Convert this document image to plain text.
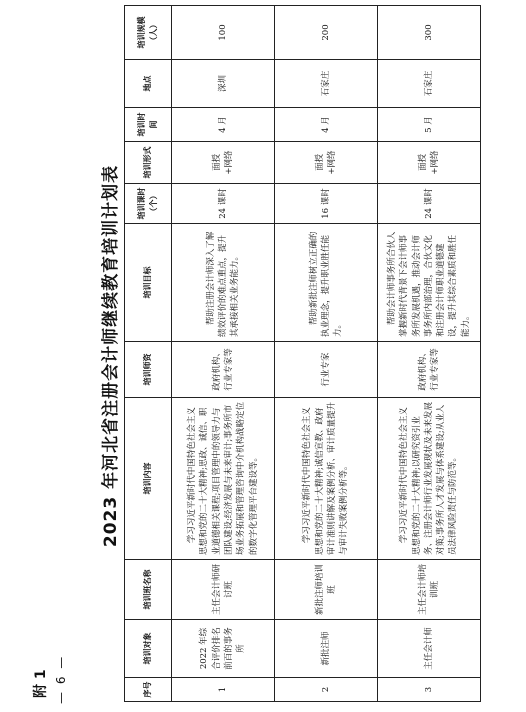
附 1 — 6 —
2023 年河北省注册会计师继续教育培训计划表
序号	培训对象	培训班名称	培训内容	培训师资	培训目标	培训课时（个）	培训形式	培训时间	地点	培训规模（人）
1	2022 年综合评价排名前百的事务所	主任会计师研讨班	学习习近平新时代中国特色社会主义思想和党的二十大精神;思政、诚信、职业道德相关课程;项目管理中的领导力与团队建设;经济发展与未来审计;事务所市场业务拓展和管理咨询中介机构战略定位的数字化管理平台建设等。	政府机构、行业专家等	帮助注册会计师深入了解绩效评价的难点重点，提升其承接相关业务能力。	24 课时	面授+网络	4 月	深圳	100
2	新批注师	新批注师培训班	学习习近平新时代中国特色社会主义思想和党的二十大精神;诚信宣教、政府审计准则讲解及案例分析、审计质量提升与审计失败案例分析等。	行业专家	帮助新批注师树立正确的执业理念，提升职业胜任能力。	16 课时	面授+网络	4 月	石家庄	200
3	主任会计师	主任会计师培训班	学习习近平新时代中国特色社会主义思想和党的二十大精神;以研究资引业务、注册会计师行业发展现状及未来发展对策;事务所人才发展与体系建设;从业人员法律风险责任与防范等。	政府机构、行业专家等	帮助会计师事务所合伙人掌握新时代背景下会计师事务所发展机遇，推动会计师事务所内部治理，合伙文化和注册会计师职业道德建设，提升其综合素质和胜任能力。	24 课时	面授+网络	5 月	石家庄	300
